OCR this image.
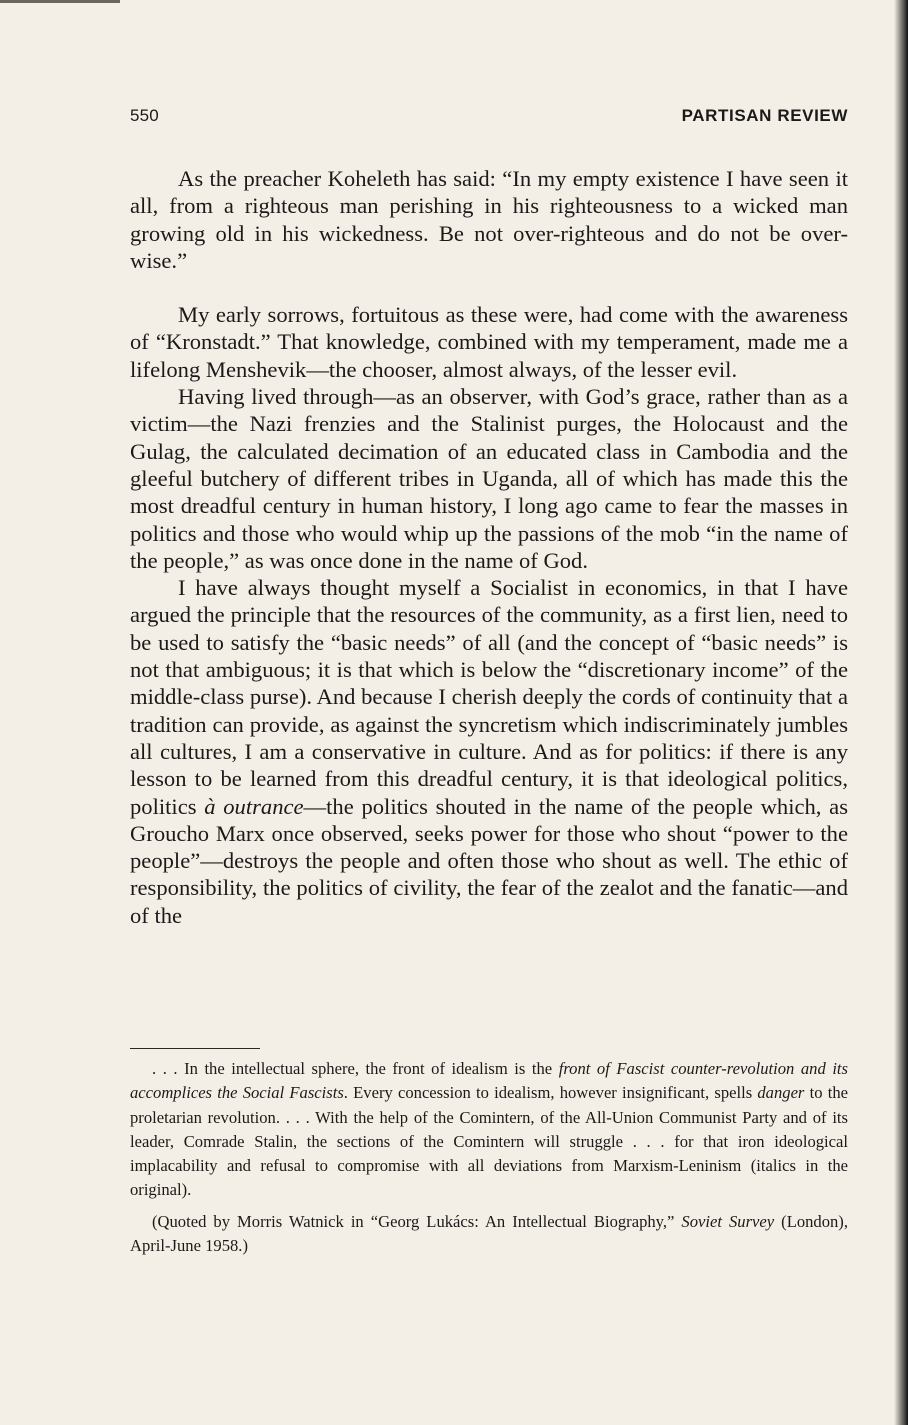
550	PARTISAN REVIEW

As the preacher Koheleth has said: “In my empty existence I have seen it all, from a righteous man perishing in his righteousness to a wicked man growing old in his wickedness. Be not over-righteous and do not be over-wise.”

My early sorrows, fortuitous as these were, had come with the awareness of “Kronstadt.” That knowledge, combined with my temperament, made me a lifelong Menshevik—the chooser, almost always, of the lesser evil.

Having lived through—as an observer, with God’s grace, rather than as a victim—the Nazi frenzies and the Stalinist purges, the Holocaust and the Gulag, the calculated decimation of an educated class in Cambodia and the gleeful butchery of different tribes in Uganda, all of which has made this the most dreadful century in human history, I long ago came to fear the masses in politics and those who would whip up the passions of the mob “in the name of the people,” as was once done in the name of God.

I have always thought myself a Socialist in economics, in that I have argued the principle that the resources of the community, as a first lien, need to be used to satisfy the “basic needs” of all (and the concept of “basic needs” is not that ambiguous; it is that which is below the “discretionary income” of the middle-class purse). And because I cherish deeply the cords of continuity that a tradition can provide, as against the syncretism which indiscriminately jumbles all cultures, I am a conservative in culture. And as for politics: if there is any lesson to be learned from this dreadful century, it is that ideological politics, politics à outrance—the politics shouted in the name of the people which, as Groucho Marx once observed, seeks power for those who shout “power to the people”—destroys the people and often those who shout as well. The ethic of responsibility, the politics of civility, the fear of the zealot and the fanatic—and of the

. . . In the intellectual sphere, the front of idealism is the front of Fascist counter-revolution and its accomplices the Social Fascists. Every concession to idealism, however insignificant, spells danger to the proletarian revolution. . . . With the help of the Comintern, of the All-Union Communist Party and of its leader, Comrade Stalin, the sections of the Comintern will struggle . . . for that iron ideological implacability and refusal to compromise with all deviations from Marxism-Leninism (italics in the original).

(Quoted by Morris Watnick in “Georg Lukács: An Intellectual Biography,” Soviet Survey (London), April-June 1958.)
